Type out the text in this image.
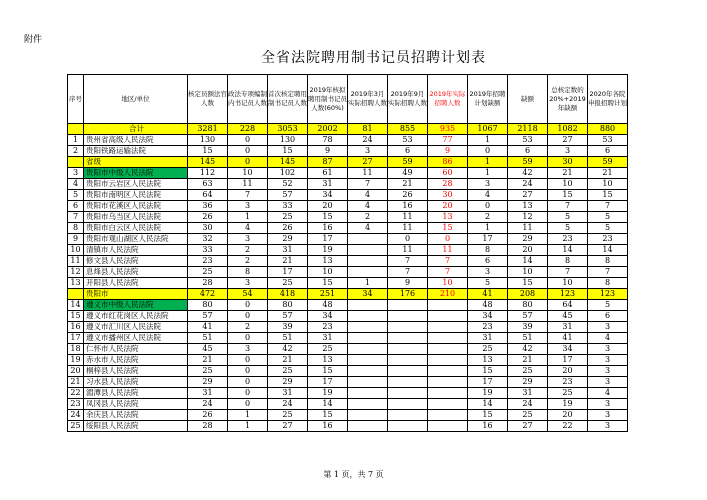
附件
全省法院聘用制书记员招聘计划表
序号	地区/单位	核定员额法官人数	政法专项编制内书记员人数	首次核定聘用制书记员人数	2019年核拟聘用制书记员人数(60%)	2019年3月实际招聘人数	2019年9月实际招聘人数	2019年实际招聘人数	2019年招聘计划缺额	缺额	总核定数的20%+2019年缺额	2020年各院申报招聘计划
	合计	3281	228	3053	2002	81	855	935	1067	2118	1082	880
1	贵州省高级人民法院	130	0	130	78	24	53	77	1	53	27	53
2	贵阳铁路运输法院	15	0	15	9	3	6	9	0	6	3	6
	省级	145	0	145	87	27	59	86	1	59	30	59
3	贵阳市中级人民法院	112	10	102	61	11	49	60	1	42	21	21
4	贵阳市云岩区人民法院	63	11	52	31	7	21	28	3	24	10	10
5	贵阳市南明区人民法院	64	7	57	34	4	26	30	4	27	15	15
6	贵阳市花溪区人民法院	36	3	33	20	4	16	20	0	13	7	7
7	贵阳市乌当区人民法院	26	1	25	15	2	11	13	2	12	5	5
8	贵阳市白云区人民法院	30	4	26	16	4	11	15	1	11	5	5
9	贵阳市观山湖区人民法院	32	3	29	17		0	0	17	29	23	23
10	清镇市人民法院	33	2	31	19		11	11	8	20	14	14
11	修文县人民法院	23	2	21	13		7	7	6	14	8	8
12	息烽县人民法院	25	8	17	10		7	7	3	10	7	7
13	开阳县人民法院	28	3	25	15	1	9	10	5	15	10	8
	贵阳市	472	54	418	251	34	176	210	41	208	123	123
14	遵义市中级人民法院	80	0	80	48				48	80	64	5
15	遵义市红花岗区人民法院	57	0	57	34				34	57	45	6
16	遵义市汇川区人民法院	41	2	39	23				23	39	31	3
17	遵义市播州区人民法院	51	0	51	31				31	51	41	4
18	仁怀市人民法院	45	3	42	25				25	42	34	3
19	赤水市人民法院	21	0	21	13				13	21	17	3
20	桐梓县人民法院	25	0	25	15				15	25	20	3
21	习水县人民法院	29	0	29	17				17	29	23	3
22	湄潭县人民法院	31	0	31	19				19	31	25	4
23	凤冈县人民法院	24	0	24	14				14	24	19	3
24	余庆县人民法院	26	1	25	15				15	25	20	3
25	绥阳县人民法院	28	1	27	16				16	27	22	3
第 1 页，共 7 页
